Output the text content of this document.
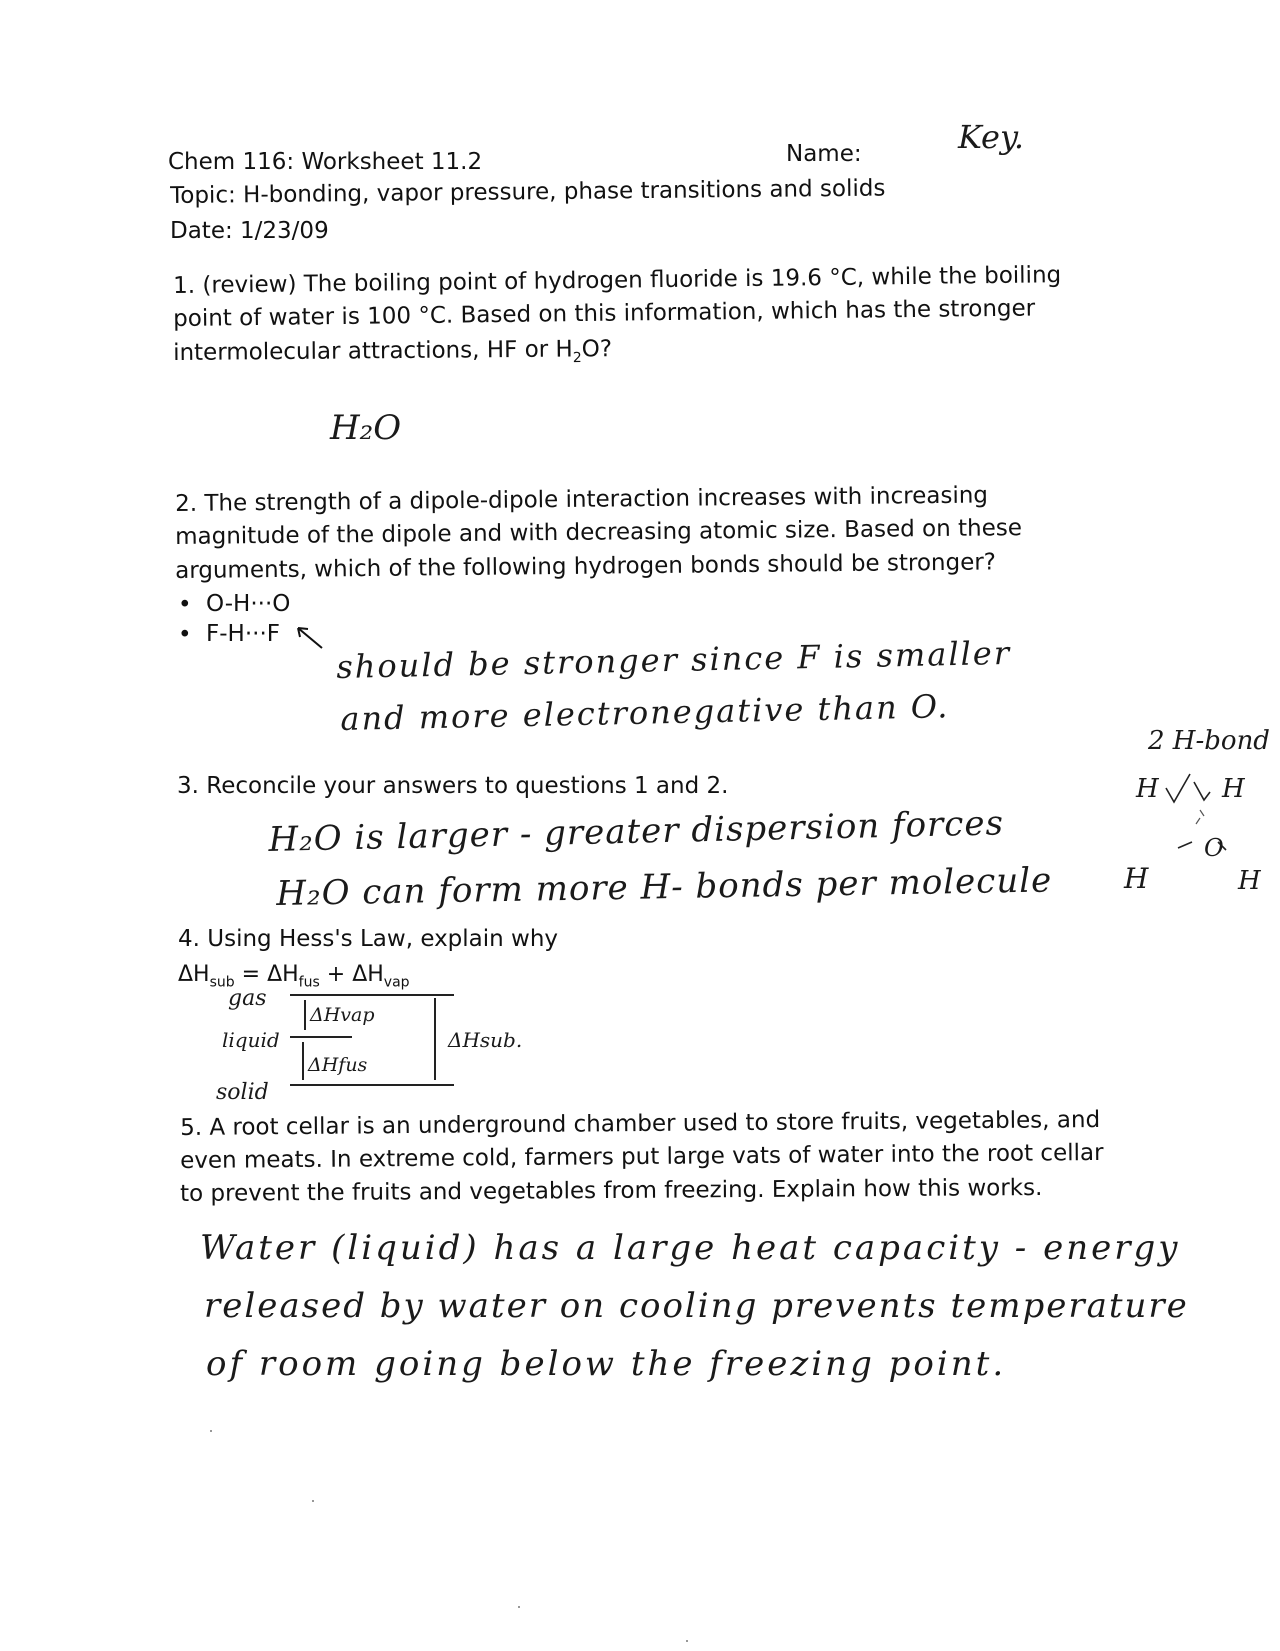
Chem 116: Worksheet 11.2	Name:	Key.
Topic: H-bonding, vapor pressure, phase transitions and solids
Date: 1/23/09
1. (review) The boiling point of hydrogen fluoride is 19.6 °C, while the boiling
point of water is 100 °C. Based on this information, which has the stronger
intermolecular attractions, HF or $H_2O$?
H₂O
2. The strength of a dipole-dipole interaction increases with increasing
magnitude of the dipole and with decreasing atomic size. Based on these
arguments, which of the following hydrogen bonds should be stronger?
• O-H···O
• F-H···F should be stronger since F is smaller
and more electronegative than O.
2 H-bond
H H
O
H	H
3. Reconcile your answers to questions 1 and 2.
H₂O is larger - greater dispersion forces
H₂O can form more H- bonds per molecule
4. Using Hess's Law, explain why
$\Delta H_{sub} = \Delta H_{fus} + \Delta H_{vap}$
gas
liquid
solid
ΔHvap
ΔHfus
ΔHsub.
5. A root cellar is an underground chamber used to store fruits, vegetables, and
even meats. In extreme cold, farmers put large vats of water into the root cellar
to prevent the fruits and vegetables from freezing. Explain how this works.
Water (liquid) has a large heat capacity - energy
released by water on cooling prevents temperature
of room going below the freezing point.
